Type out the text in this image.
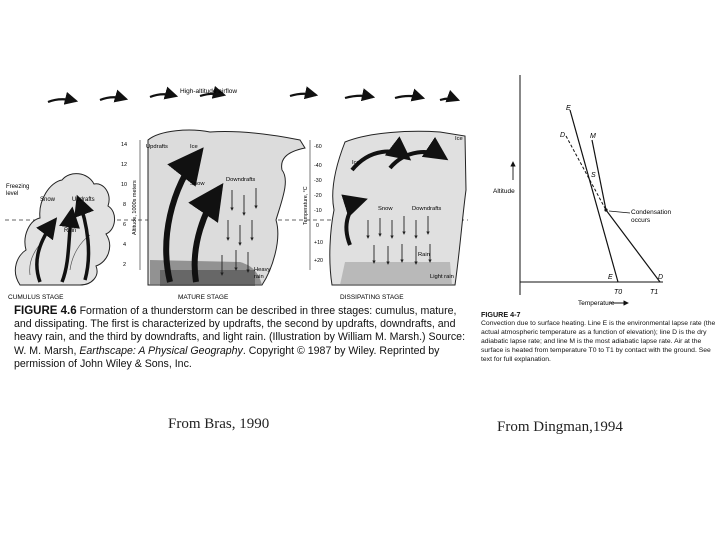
High-altitude airflow
Freezing
level
Snow	Updrafts
Rain
CUMULUS STAGE
Updrafts	Ice
Snow
Downdrafts
Heavy
rain
14
12
10
8
6
4
2
Altitude, 1000s meters
MATURE STAGE
-60
-40
-30
-20
-10
0
+10
+20
Temperature, °C
Ice
Ice
Snow	Downdrafts
Rain
Light rain
DISSIPATING STAGE
FIGURE 4.6 Formation of a thunderstorm can be described in three stages: cumulus, mature, and dissipating. The first is characterized by updrafts, the second by updrafts, downdrafts, and heavy rain, and the third by downdrafts, and light rain. (Illustration by William M. Marsh.) Source: W. M. Marsh, Earthscape: A Physical Geography. Copyright © 1987 by Wiley. Reprinted by permission of John Wiley & Sons, Inc.
Altitude
E
D	M
S
Condensation
occurs
E	D
T0	T1
Temperature
FIGURE 4-7
Convection due to surface heating. Line E is the environmental lapse rate (the actual atmospheric temperature as a function of elevation); line D is the dry adiabatic lapse rate; and line M is the most adiabatic lapse rate. Air at the surface is heated from temperature T0 to T1 by contact with the ground. See text for full explanation.
From Bras, 1990	From Dingman,1994
